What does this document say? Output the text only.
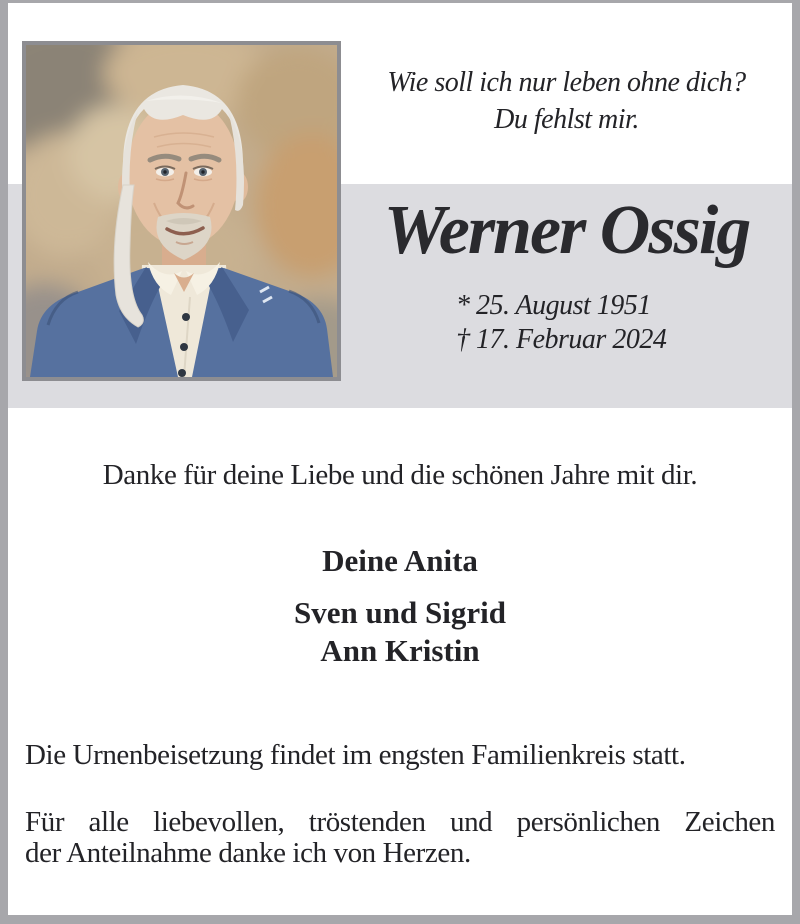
Wie soll ich nur leben ohne dich?
Du fehlst mir.
Werner Ossig
* 25. August 1951
† 17. Februar 2024
Danke für deine Liebe und die schönen Jahre mit dir.
Deine Anita
Sven und Sigrid
Ann Kristin
Die Urnenbeisetzung findet im engsten Familienkreis statt.
Für alle liebevollen, tröstenden und persönlichen Zeichen
der Anteilnahme danke ich von Herzen.
